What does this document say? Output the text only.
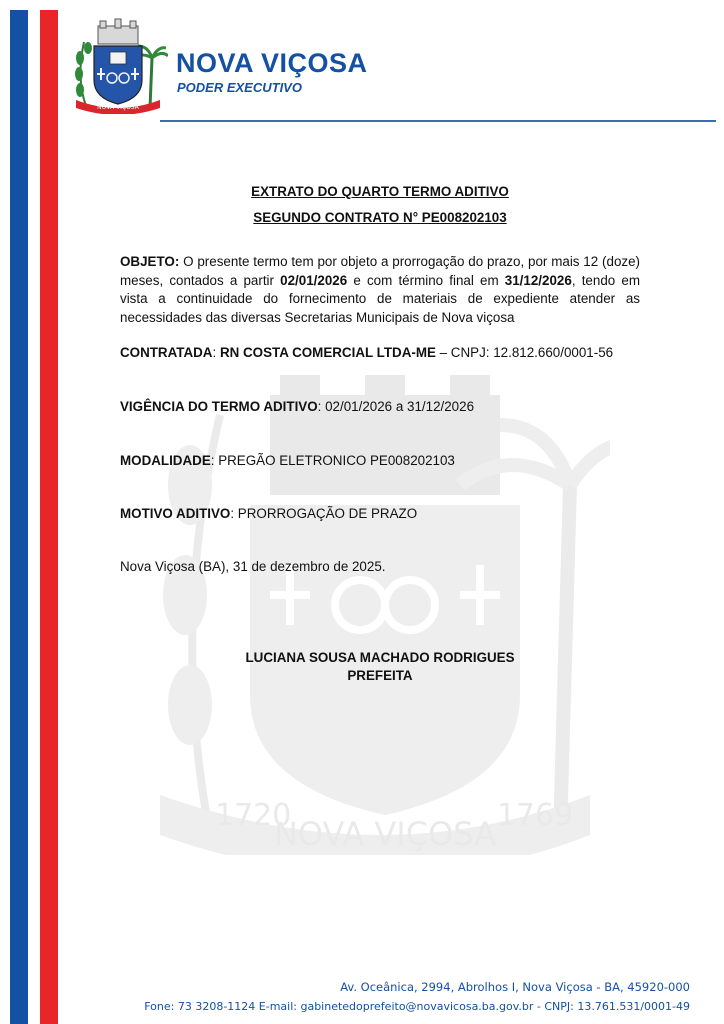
NOVA VIÇOSA
NOVA VIÇOSA
PODER EXECUTIVO
1720
NOVA VIÇOSA 1769
EXTRATO DO QUARTO TERMO ADITIVO
SEGUNDO CONTRATO N° PE008202103
OBJETO: O presente termo tem por objeto a prorrogação do prazo, por mais 12 (doze) meses, contados a partir 02/01/2026 e com término final em 31/12/2026, tendo em vista a continuidade do fornecimento de materiais de expediente atender as necessidades das diversas Secretarias Municipais de Nova viçosa
CONTRATADA: RN COSTA COMERCIAL LTDA-ME – CNPJ: 12.812.660/0001-56
VIGÊNCIA DO TERMO ADITIVO: 02/01/2026 a 31/12/2026
MODALIDADE: PREGÃO ELETRONICO PE008202103
MOTIVO ADITIVO: PRORROGAÇÃO DE PRAZO
Nova Viçosa (BA), 31 de dezembro de 2025.
LUCIANA SOUSA MACHADO RODRIGUES
PREFEITA
Av. Oceânica, 2994, Abrolhos I, Nova Viçosa - BA, 45920-000
Fone: 73 3208-1124 E-mail: gabinetedoprefeito@novavicosa.ba.gov.br - CNPJ: 13.761.531/0001-49
